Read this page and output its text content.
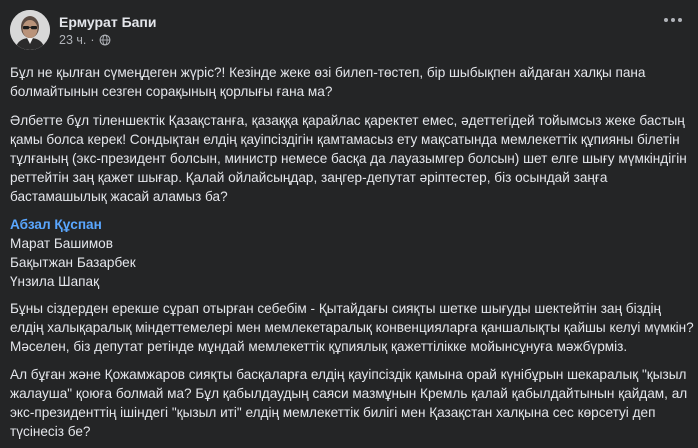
Ермурат Бапи
23 ч. ·

Бұл не қылған сүмеңдеген жүріс?! Кезінде жеке өзі билеп-төстеп, бір шыбықпен айдаған халқы пана болмайтынын сезген сорақының қорлығы ғана ма?

Әлбетте бұл тіленшектік Қазақстанға, қазаққа қарайлас қаректет емес, әдеттегідей тойымсыз жеке бастың қамы болса керек! Сондықтан елдің қауіпсіздігін қамтамасыз ету мақсатында мемлекеттік құпияны білетін тұлғаның (экс-президент болсын, министр немесе басқа да лауазымгер болсын) шет елге шығу мүмкіндігін реттейтін заң қажет шығар. Қалай ойлайсыңдар, заңгер-депутат әріптестер, біз осындай заңға бастамашылық жасай аламыз ба?

Абзал Құспан
Марат Башимов
Бақытжан Базарбек
Үнзила Шапақ

Бұны сіздерден ерекше сұрап отырған себебім - Қытайдағы сияқты шетке шығуды шектейтін заң біздің елдің халықаралық міндеттемелері мен мемлекетаралық конвенцияларға қаншалықты қайшы келуі мүмкін? Мәселен, біз депутат ретінде мұндай мемлекеттік құпиялық қажеттілікке мойынсұнуға мәжбүрміз.

Ал бұған және Қожамжаров сияқты басқаларға елдің қауіпсіздік қамына орай күнібұрын шекаралық "қызыл жалауша" қоюға болмай ма? Бұл қабылдаудың саяси мазмұнын Кремль қалай қабылдайтынын қайдам, ал экс-президенттің ішіндегі "қызыл иті" елдің мемлекеттік билігі мен Қазақстан халқына сес көрсетуі деп түсінесіз бе?
